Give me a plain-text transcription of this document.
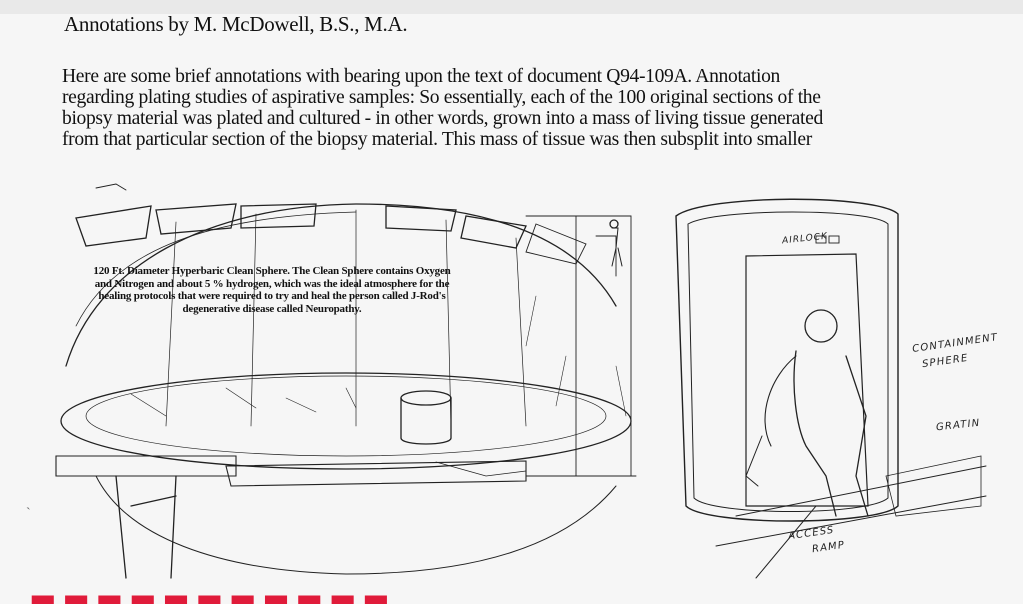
Annotations by M. McDowell, B.S., M.A.
Here are some brief annotations with bearing upon the text of document Q94-109A. Annotation
regarding plating studies of aspirative samples: So essentially, each of the 100 original sections of the
biopsy material was plated and cultured - in other words, grown into a mass of living tissue generated
from that particular section of the biopsy material. This mass of tissue was then subsplit into smaller
120 Ft. Diameter Hyperbaric Clean Sphere. The Clean Sphere contains Oxygen and Nitrogen and about 5 % hydrogen, which was the ideal atmosphere for the healing protocols that were required to try and heal the person called J-Rod's degenerative disease called Neuropathy.
AIRLOCK
CONTAINMENT
SPHERE
GRATIN
ACCESS
RAMP
`
▂ ▂ ▂ ▂ ▂ ▂ ▂ ▂ ▂ ▂ ▂
